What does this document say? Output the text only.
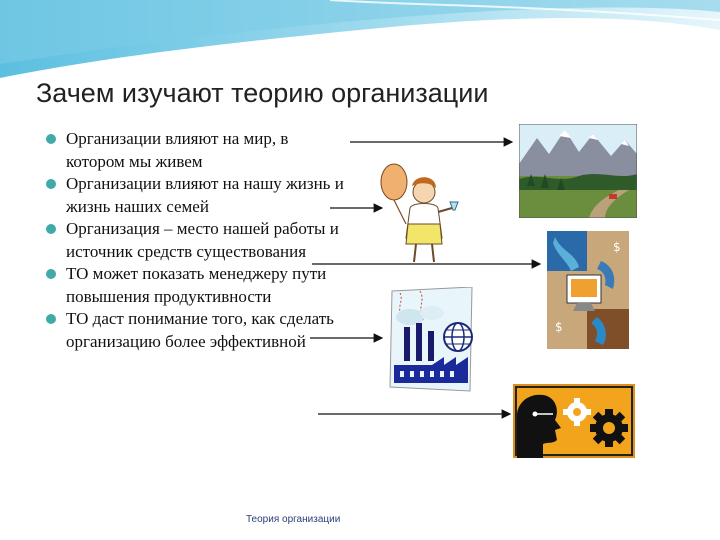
Зачем изучают теорию организации
Организации влияют на мир, в котором мы живем
Организации влияют на нашу жизнь и жизнь наших семей
Организация – место нашей работы и источник средств существования
ТО может показать менеджеру пути повышения продуктивности
ТО даст понимание того, как сделать организацию более эффективной
$
$
Теория организации
